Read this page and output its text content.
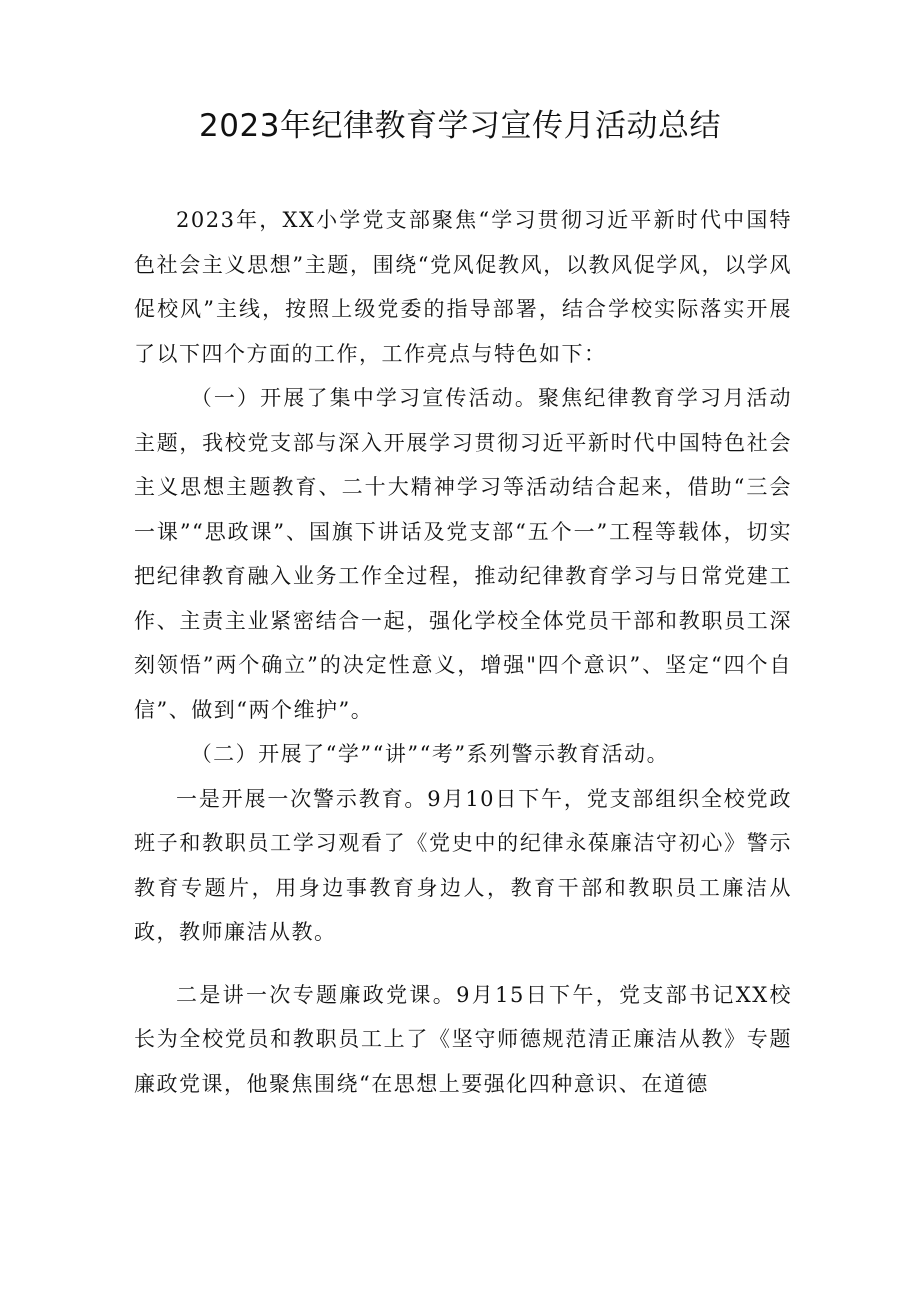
2023年纪律教育学习宣传月活动总结

2023年，XX小学党支部聚焦“学习贯彻习近平新时代中国特色社会主义思想”主题，围绕“党风促教风，以教风促学风，以学风促校风”主线，按照上级党委的指导部署，结合学校实际落实开展了以下四个方面的工作，工作亮点与特色如下：

（一）开展了集中学习宣传活动。聚焦纪律教育学习月活动主题，我校党支部与深入开展学习贯彻习近平新时代中国特色社会主义思想主题教育、二十大精神学习等活动结合起来，借助“三会一课”“思政课”、国旗下讲话及党支部“五个一”工程等载体，切实把纪律教育融入业务工作全过程，推动纪律教育学习与日常党建工作、主责主业紧密结合一起，强化学校全体党员干部和教职员工深刻领悟”两个确立”的决定性意义，增强"四个意识”、坚定“四个自信”、做到“两个维护”。

（二）开展了“学”“讲”“考”系列警示教育活动。

一是开展一次警示教育。9月10日下午，党支部组织全校党政班子和教职员工学习观看了《党史中的纪律永葆廉洁守初心》警示教育专题片，用身边事教育身边人，教育干部和教职员工廉洁从政，教师廉洁从教。

二是讲一次专题廉政党课。9月15日下午，党支部书记XX校长为全校党员和教职员工上了《坚守师德规范清正廉洁从教》专题廉政党课，他聚焦围绕“在思想上要强化四种意识、在道德
